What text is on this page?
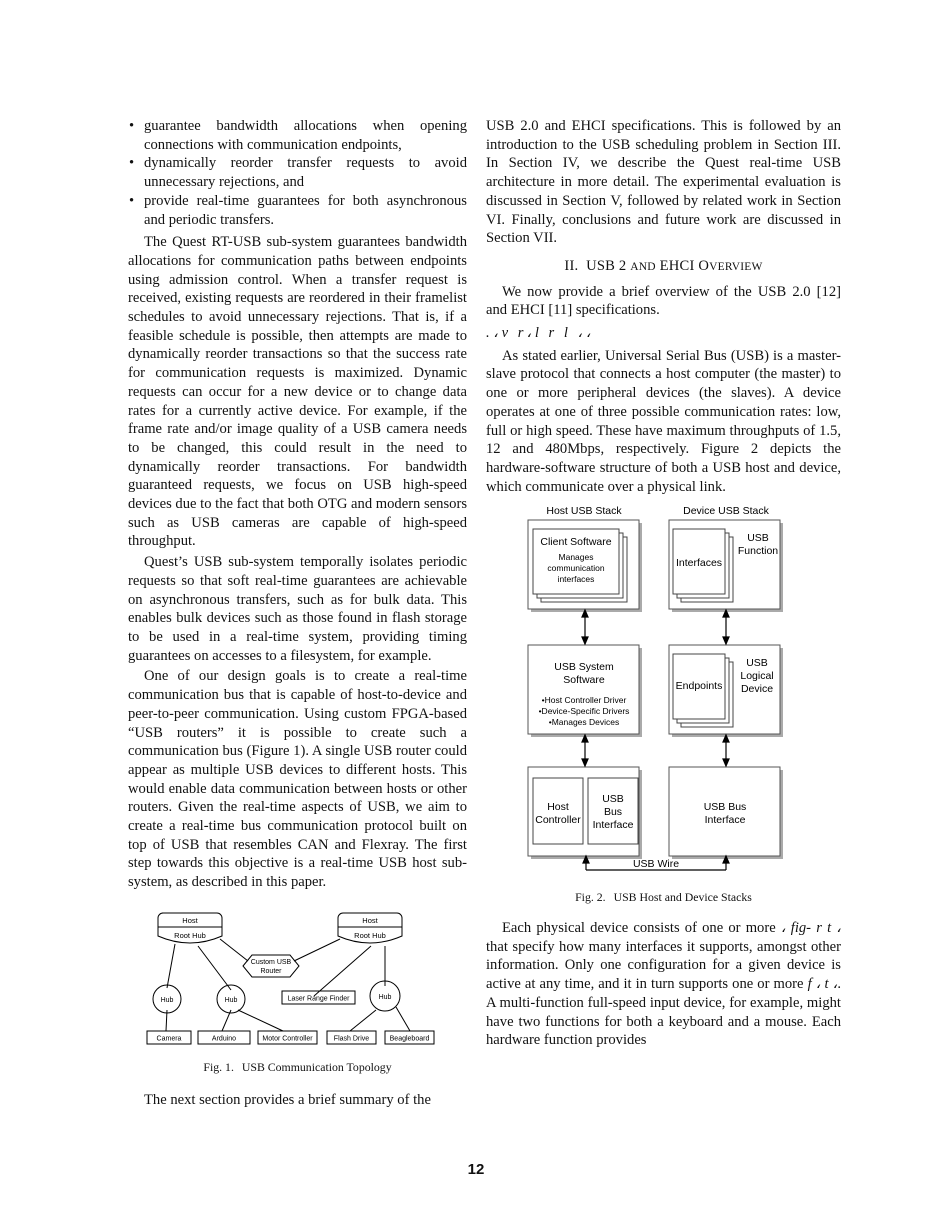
• guarantee bandwidth allocations when opening connections with communication endpoints,
• dynamically reorder transfer requests to avoid unnecessary rejections, and
• provide real-time guarantees for both asynchronous and periodic transfers.

The Quest RT-USB sub-system guarantees bandwidth allocations for communication paths between endpoints using admission control. When a transfer request is received, existing requests are reordered in their framelist schedules to avoid unnecessary rejections. That is, if a feasible schedule is possible, then attempts are made to dynamically reorder transactions so that the success rate for communication requests is maximized. Dynamic requests can occur for a new device or to change data rates for a currently active device. For example, if the frame rate and/or image quality of a USB camera needs to be changed, this could result in the need to dynamically reorder transactions. For bandwidth guaranteed requests, we focus on USB high-speed devices due to the fact that both OTG and modern sensors such as USB cameras are capable of high-speed throughput.

Quest’s USB sub-system temporally isolates periodic requests so that soft real-time guarantees are achievable on asynchronous transfers, such as for bulk data. This enables bulk devices such as those found in flash storage to be used in a real-time system, providing timing guarantees on accesses to a filesystem, for example.

One of our design goals is to create a real-time communication bus that is capable of host-to-device and peer-to-peer communication. Using custom FPGA-based “USB routers” it is possible to create such a communication bus (Figure 1). A single USB router could appear as multiple USB devices to different hosts. This would enable data communication between hosts or other routers. Given the real-time aspects of USB, we aim to create a real-time bus communication protocol built on top of USB that resembles CAN and Flexray. The first step towards this objective is a real-time USB host sub-system, as described in this paper.

Host
Root Hub
Host
Root Hub
Custom USB
Router
Hub	Hub	Hub
Laser Range Finder
Camera	Arduino	Motor Controller	Flash Drive	Beagleboard
Fig. 1. USB Communication Topology

The next section provides a brief summary of the

USB 2.0 and EHCI specifications. This is followed by an introduction to the USB scheduling problem in Section III. In Section IV, we describe the Quest real-time USB architecture in more detail. The experimental evaluation is discussed in Section V, followed by related work in Section VI. Finally, conclusions and future work are discussed in Section VII.

II. USB 2 AND EHCI OVERVIEW

We now provide a brief overview of the USB 2.0 [12] and EHCI [11] specifications.

. ، v r، l r l ، ،

As stated earlier, Universal Serial Bus (USB) is a master-slave protocol that connects a host computer (the master) to one or more peripheral devices (the slaves). A device operates at one of three possible communication rates: low, full or high speed. These have maximum throughputs of 1.5, 12 and 480Mbps, respectively. Figure 2 depicts the hardware-software structure of both a USB host and device, which communicate over a physical link.

Host USB Stack	Device USB Stack
Client Software
Manages
communication
interfaces
Interfaces
USB
Function
USB System
Software
•Host Controller Driver
•Device-Specific Drivers
•Manages Devices
Endpoints
USB
Logical
Device
Host
Controller
USB
Bus
Interface
USB Bus
Interface
USB Wire
Fig. 2. USB Host and Device Stacks

Each physical device consists of one or more ، fig- r t ، that specify how many interfaces it supports, amongst other information. Only one configuration for a given device is active at any time, and it in turn supports one or more f ، t ،. A multi-function full-speed input device, for example, might have two functions for both a keyboard and a mouse. Each hardware function provides

12
